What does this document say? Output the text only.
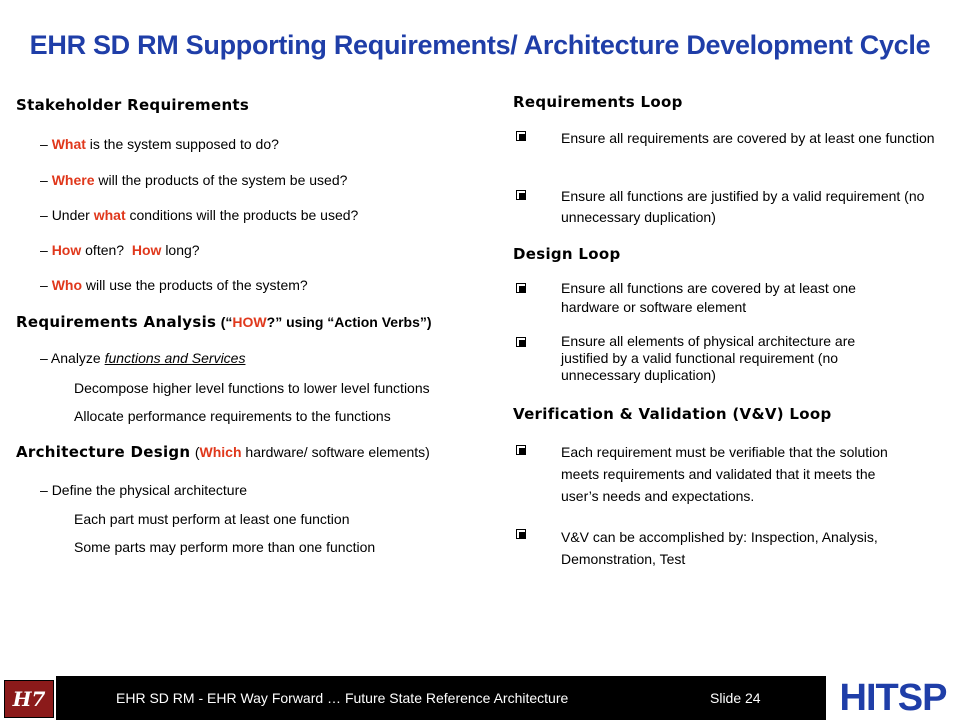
EHR SD RM Supporting Requirements/ Architecture Development Cycle
Stakeholder Requirements
– What is the system supposed to do?
– Where will the products of the system be used?
– Under what conditions will the products be used?
– How often? How long?
– Who will use the products of the system?
Requirements Analysis (“HOW?” using “Action Verbs”)
– Analyze functions and Services
Decompose higher level functions to lower level functions
Allocate performance requirements to the functions
Architecture Design (Which hardware/ software elements)
– Define the physical architecture
Each part must perform at least one function
Some parts may perform more than one function
Requirements Loop
Ensure all requirements are covered by at least one function
Ensure all functions are justified by a valid requirement (no unnecessary duplication)
Design Loop
Ensure all functions are covered by at least one hardware or software element
Ensure all elements of physical architecture are justified by a valid functional requirement (no unnecessary duplication)
Verification & Validation (V&V) Loop
Each requirement must be verifiable that the solution meets requirements and validated that it meets the user’s needs and expectations.
V&V can be accomplished by: Inspection, Analysis, Demonstration, Test
H7	EHR SD RM - EHR Way Forward … Future State Reference Architecture	Slide 24	HITSP
